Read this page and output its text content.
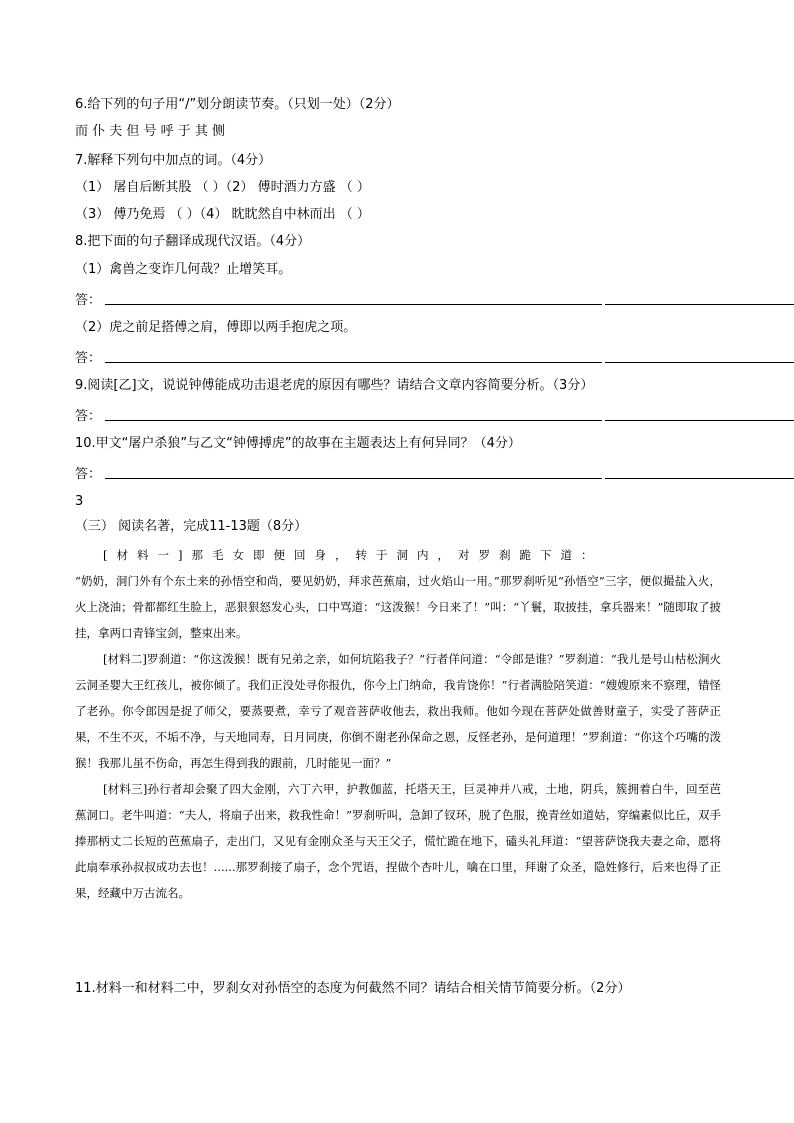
6.给下列的句子用“/”划分朗读节奏。（只划一处）（2分）
而 仆 夫 但 号 呼 于 其 侧
7.解释下列句中加点的词。（4分）
（1） 屠自后断其股 （ ）（2） 傅时酒力方盛 （ ）
（3） 傅乃免焉 （ ）（4） 眈眈然自中林而出 （ ）
8.把下面的句子翻译成现代汉语。（4分）
（1）禽兽之变诈几何哉？止增笑耳。
答：
（2）虎之前足搭傅之肩，傅即以两手抱虎之项。
答：
9.阅读[乙]文，说说钟傅能成功击退老虎的原因有哪些？请结合文章内容简要分析。（3分）
答：
10.甲文“屠户杀狼”与乙文“钟傅搏虎”的故事在主题表达上有何异同？（4分）
答：
3
（三） 阅读名著，完成11-13题（8分）

[材料一]那毛女即便回身，转于洞内，对罗刹跪下道：

“奶奶，洞门外有个东土来的孙悟空和尚，要见奶奶，拜求芭蕉扇，过火焰山一用。”那罗刹听见“孙悟空”三字，便似撮盐入火，火上浇油；骨都都红生脸上，恶狠狠怒发心头，口中骂道：“这泼猴！今日来了！”叫：“丫鬟，取披挂，拿兵器来！”随即取了披挂，拿两口青锋宝剑，整束出来。

[材料二]罗刹道：“你这泼猴！既有兄弟之亲，如何坑陷我子？”行者佯问道：“令郎是谁？”罗刹道：“我儿是号山枯松涧火云洞圣婴大王红孩儿，被你倾了。我们正没处寻你报仇，你今上门纳命，我肯饶你！”行者满脸陪笑道：“嫂嫂原来不察理，错怪了老孙。你令郎因是捉了师父，要蒸要煮，幸亏了观音菩萨收他去，救出我师。他如今现在菩萨处做善财童子，实受了菩萨正果，不生不灭，不垢不净，与天地同寿，日月同庚，你倒不谢老孙保命之恩，反怪老孙，是何道理！”罗刹道：“你这个巧嘴的泼猴！我那儿虽不伤命，再怎生得到我的跟前，几时能见一面？”

[材料三]孙行者却会聚了四大金刚，六丁六甲，护教伽蓝，托塔天王，巨灵神并八戒，土地，阴兵，簇拥着白牛，回至芭蕉洞口。老牛叫道：“夫人，将扇子出来，救我性命！”罗刹听叫，急卸了钗环，脱了色服，挽青丝如道姑，穿编素似比丘，双手捧那柄丈二长短的芭蕉扇子，走出门，又见有金刚众圣与天王父子，慌忙跪在地下，磕头礼拜道：“望菩萨饶我夫妻之命，愿将此扇奉承孙叔叔成功去也！......那罗刹接了扇子，念个咒语，捏做个杏叶儿，噙在口里，拜谢了众圣，隐姓修行，后来也得了正果，经藏中万古流名。

11.材料一和材料二中，罗刹女对孙悟空的态度为何截然不同？请结合相关情节简要分析。（2分）
